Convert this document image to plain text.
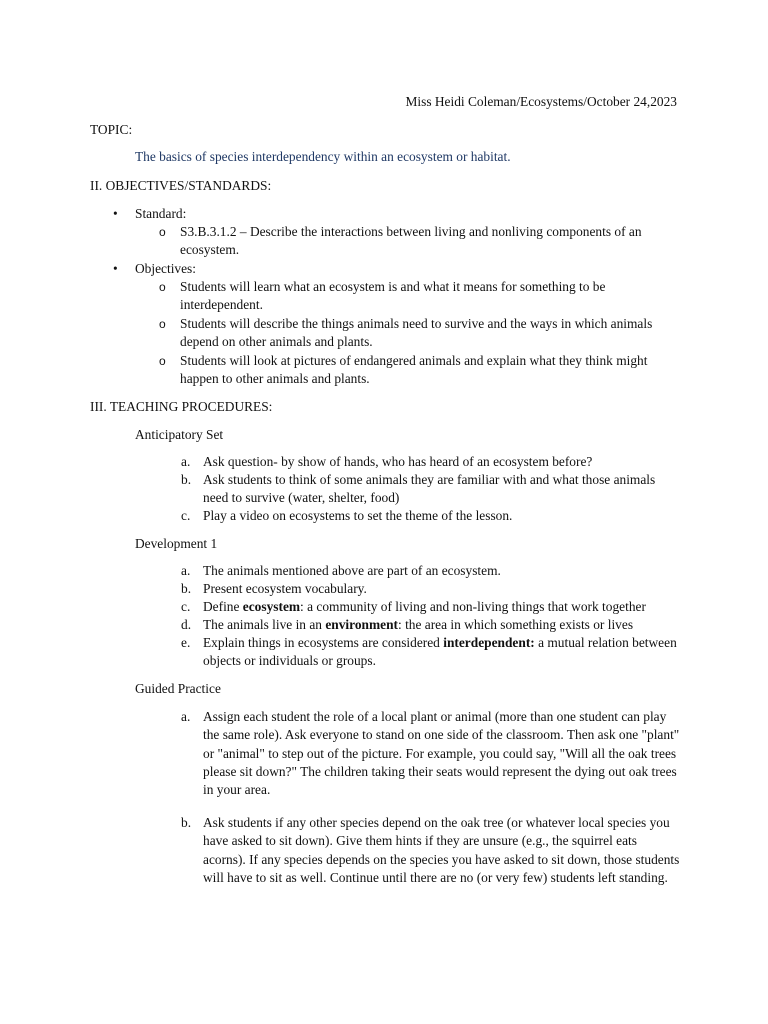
Miss Heidi Coleman/Ecosystems/October 24,2023

TOPIC:

The basics of species interdependency within an ecosystem or habitat.

II. OBJECTIVES/STANDARDS:

• Standard:
o S3.B.3.1.2 – Describe the interactions between living and nonliving components of an ecosystem.
• Objectives:
o Students will learn what an ecosystem is and what it means for something to be interdependent.
o Students will describe the things animals need to survive and the ways in which animals depend on other animals and plants.
o Students will look at pictures of endangered animals and explain what they think might happen to other animals and plants.

III. TEACHING PROCEDURES:

Anticipatory Set

a. Ask question- by show of hands, who has heard of an ecosystem before?
b. Ask students to think of some animals they are familiar with and what those animals need to survive (water, shelter, food)
c. Play a video on ecosystems to set the theme of the lesson.

Development 1

a. The animals mentioned above are part of an ecosystem.
b. Present ecosystem vocabulary.
c. Define ecosystem: a community of living and non-living things that work together
d. The animals live in an environment: the area in which something exists or lives
e. Explain things in ecosystems are considered interdependent: a mutual relation between objects or individuals or groups.

Guided Practice

a. Assign each student the role of a local plant or animal (more than one student can play the same role). Ask everyone to stand on one side of the classroom. Then ask one "plant" or "animal" to step out of the picture. For example, you could say, "Will all the oak trees please sit down?" The children taking their seats would represent the dying out oak trees in your area.
b. Ask students if any other species depend on the oak tree (or whatever local species you have asked to sit down). Give them hints if they are unsure (e.g., the squirrel eats acorns). If any species depends on the species you have asked to sit down, those students will have to sit as well. Continue until there are no (or very few) students left standing.
